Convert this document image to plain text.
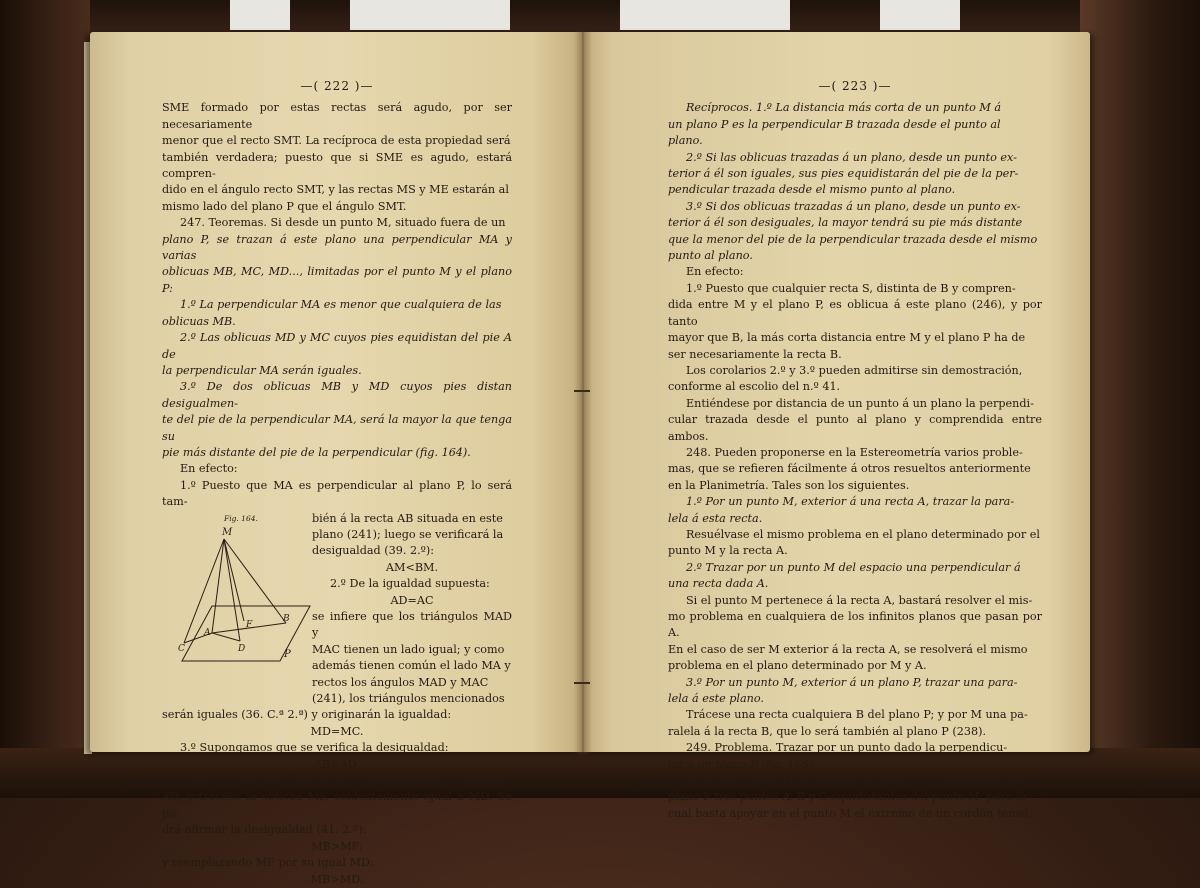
—( 222 )—

SME formado por estas rectas será agudo, por ser necesariamente

menor que el recto SMT. La recíproca de esta propiedad será

también verdadera; puesto que si SME es agudo, estará compren-

dido en el ángulo recto SMT, y las rectas MS y ME estarán al

mismo lado del plano P que el ángulo SMT.

247. Teoremas. Si desde un punto M, situado fuera de un

plano P, se trazan á este plano una perpendicular MA y varias

oblicuas MB, MC, MD..., limitadas por el punto M y el plano P:

1.º La perpendicular MA es menor que cualquiera de las

oblicuas MB.

2.º Las oblicuas MD y MC cuyos pies equidistan del pie A de

la perpendicular MA serán iguales.

3.º De dos oblicuas MB y MD cuyos pies distan desigualmen-

te del pie de la perpendicular MA, será la mayor la que tenga su

pie más distante del pie de la perpendicular (fig. 164).

En efecto:

1.º Puesto que MA es perpendicular al plano P, lo será tam-

Fig. 164.
M
A
B
C	D
F
P

bién á la recta AB situada en este

plano (241); luego se verificará la

desigualdad (39. 2.º):

AM<BM.

2.º De la igualdad supuesta:

AD=AC

se infiere que los triángulos MAD y

MAC tienen un lado igual; y como

además tienen común el lado MA y

rectos los ángulos MAD y MAC

(241), los triángulos mencionados

serán iguales (36. C.ª 2.ª) y originarán la igualdad:

MD=MC.

3.º Supongamos que se verifica la desigualdad:

AB>AD.

Tómese sobre AB, á partir de A, una magnitud AF igual á

AD, y trácese la oblicua MF, evidentemente igual á MD. Se po-

drá afirmar la desigualdad (41. 2.º):

MB>MF;

y reemplazando MF por su igual MD:

MB>MD.

—( 223 )—

Recíprocos. 1.º La distancia más corta de un punto M á

un plano P es la perpendicular B trazada desde el punto al

plano.

2.º Si las oblicuas trazadas á un plano, desde un punto ex-

terior á él son iguales, sus pies equidistarán del pie de la per-

pendicular trazada desde el mismo punto al plano.

3.º Si dos oblicuas trazadas á un plano, desde un punto ex-

terior á él son desiguales, la mayor tendrá su pie más distante

que la menor del pie de la perpendicular trazada desde el mismo

punto al plano.

En efecto:

1.º Puesto que cualquier recta S, distinta de B y compren-

dida entre M y el plano P, es oblicua á este plano (246), y por tanto

mayor que B, la más corta distancia entre M y el plano P ha de

ser necesariamente la recta B.

Los corolarios 2.º y 3.º pueden admitirse sin demostración,

conforme al escolio del n.º 41.

Entiéndese por distancia de un punto á un plano la perpendi-

cular trazada desde el punto al plano y comprendida entre ambos.

248. Pueden proponerse en la Estereometría varios proble-

mas, que se refieren fácilmente á otros resueltos anteriormente

en la Planimetría. Tales son los siguientes.

1.º Por un punto M, exterior á una recta A, trazar la para-

lela á esta recta.

Resuélvase el mismo problema en el plano determinado por el

punto M y la recta A.

2.º Trazar por un punto M del espacio una perpendicular á

una recta dada A.

Si el punto M pertenece á la recta A, bastará resolver el mis-

mo problema en cualquiera de los infinitos planos que pasan por A.

En el caso de ser M exterior á la recta A, se resolverá el mismo

problema en el plano determinado por M y A.

3.º Por un punto M, exterior á un plano P, trazar una para-

lela á este plano.

Trácese una recta cualquiera B del plano P; y por M una pa-

ralela á la recta B, que lo será también al plano P (238).

249. Problema. Trazar por un punto dado la perpendicu-

lar á un plano P (fig. 165).

Si el punto dado M es exterior al plano P, se determinan en el

plano P tres puntos A, B y C equidistantes del punto M; para lo

cual basta apoyar en el punto M el extremo de un cordón tenso,
